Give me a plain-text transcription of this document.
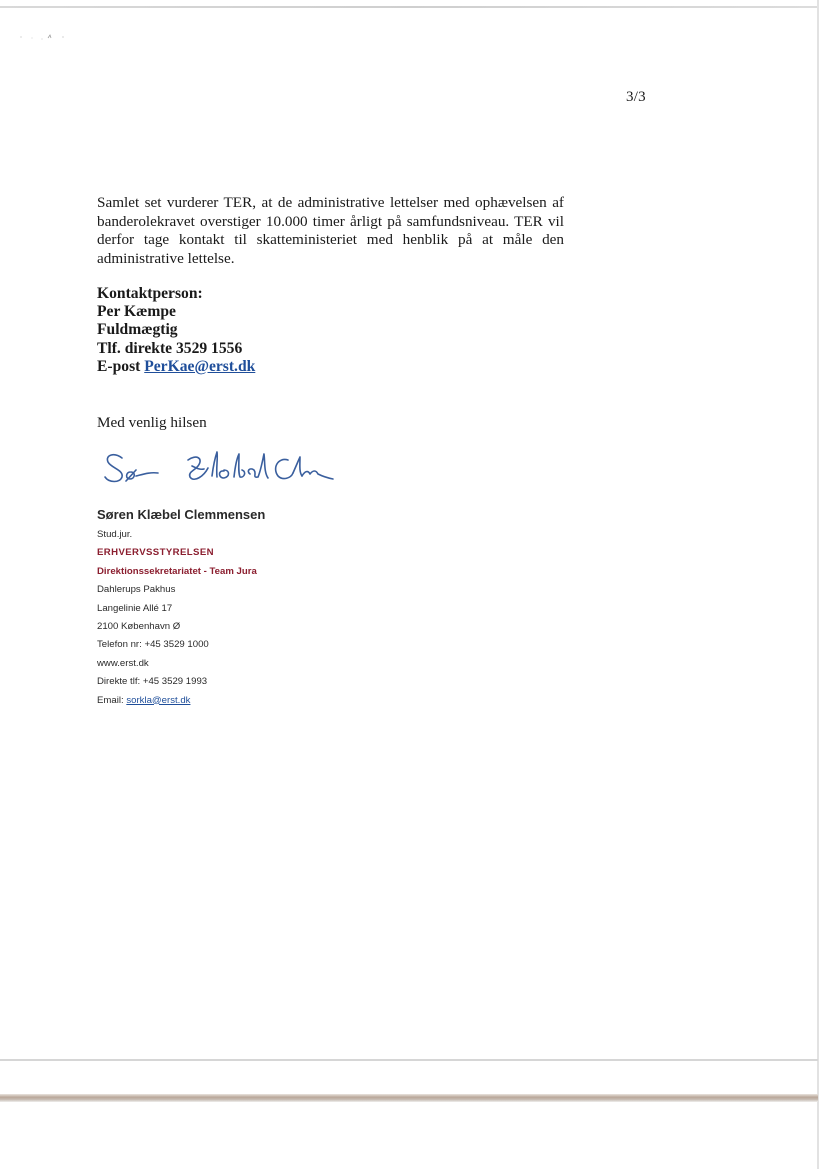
3/3

Samlet set vurderer TER, at de administrative lettelser med ophævelsen af banderolekravet overstiger 10.000 timer årligt på samfundsniveau. TER vil derfor tage kontakt til skatteministeriet med henblik på at måle den administrative lettelse.

Kontaktperson:
Per Kæmpe
Fuldmægtig
Tlf. direkte 3529 1556
E-post PerKae@erst.dk
Med venlig hilsen
Søren Klæbel Clemmensen
Stud.jur.
ERHVERVSSTYRELSEN
Direktionssekretariatet - Team Jura
Dahlerups Pakhus
Langelinie Allé 17
2100 København Ø
Telefon nr: +45 3529 1000
www.erst.dk
Direkte tlf: +45 3529 1993
Email: sorkla@erst.dk
